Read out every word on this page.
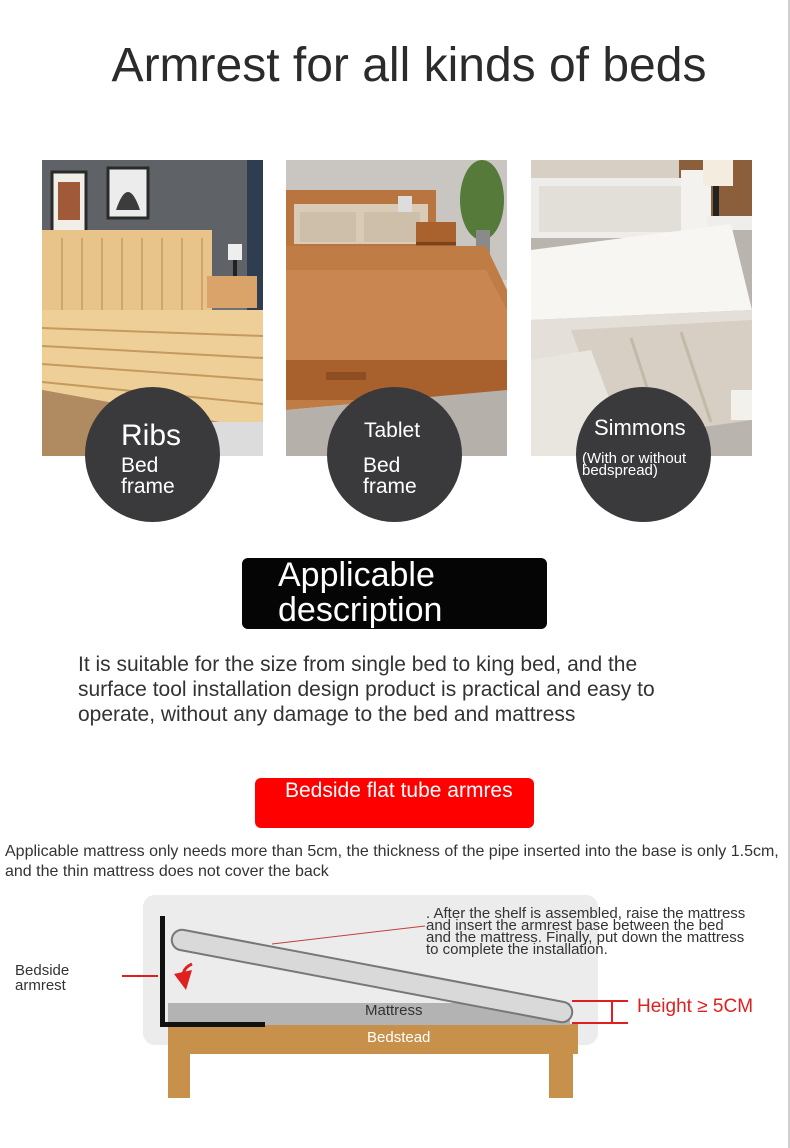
Armrest for all kinds of beds
Ribs
Bed
frame
Tablet
Bed
frame
Simmons
(With or without
bedspread)
Applicable description
It is suitable for the size from single bed to king bed, and the surface tool installation design product is practical and easy to operate, without any damage to the bed and mattress
Bedside flat tube armres
Applicable mattress only needs more than 5cm, the thickness of the pipe inserted into the base is only 1.5cm, and the thin mattress does not cover the back
Bedside armrest
. After the shelf is assembled, raise the mattress and insert the armrest base between the bed and the mattress. Finally, put down the mattress to complete the installation.
Mattress
Bedstead
Height ≥ 5CM
